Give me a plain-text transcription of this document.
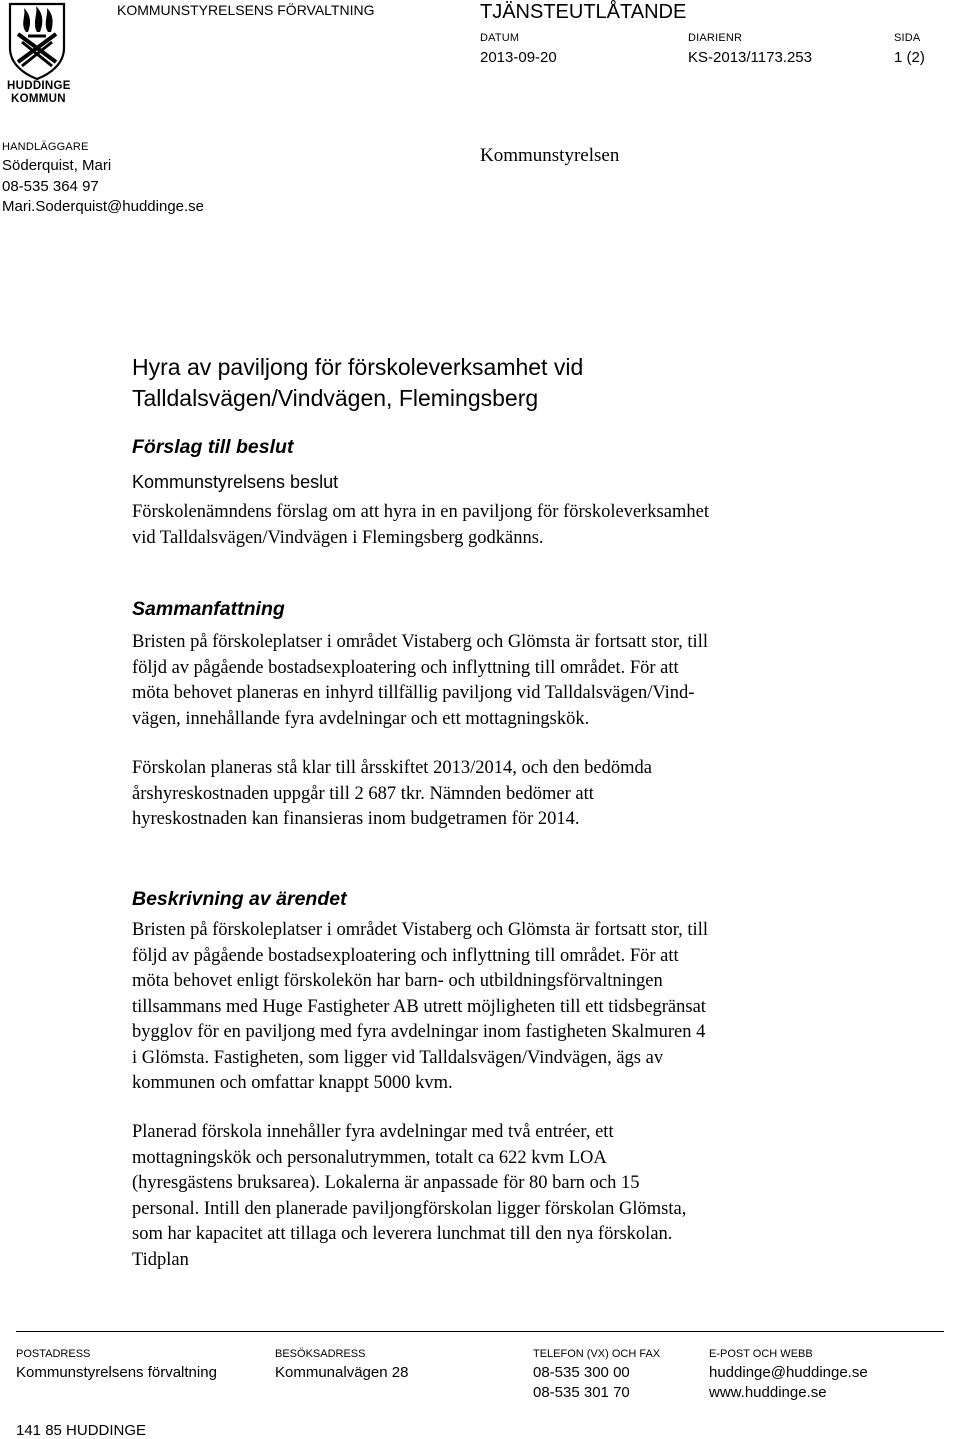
HUDDINGE
KOMMUN
KOMMUNSTYRELSENS FÖRVALTNING	TJÄNSTEUTLÅTANDE
DATUM
2013-09-20
DIARIENR
KS-2013/1173.253
SIDA
1 (2)
HANDLÄGGARE
Söderquist, Mari
08-535 364 97
Mari.Soderquist@huddinge.se
Kommunstyrelsen
Hyra av paviljong för förskoleverksamhet vid
Talldalsvägen/Vindvägen, Flemingsberg
Förslag till beslut
Kommunstyrelsens beslut
Förskolenämndens förslag om att hyra in en paviljong för förskoleverksamhet
vid Talldalsvägen/Vindvägen i Flemingsberg godkänns.
Sammanfattning
Bristen på förskoleplatser i området Vistaberg och Glömsta är fortsatt stor, till
följd av pågående bostadsexploatering och inflyttning till området. För att
möta behovet planeras en inhyrd tillfällig paviljong vid Talldalsvägen/Vind-
vägen, innehållande fyra avdelningar och ett mottagningskök.
Förskolan planeras stå klar till årsskiftet 2013/2014, och den bedömda
årshyreskostnaden uppgår till 2 687 tkr. Nämnden bedömer att
hyreskostnaden kan finansieras inom budgetramen för 2014.
Beskrivning av ärendet
Bristen på förskoleplatser i området Vistaberg och Glömsta är fortsatt stor, till
följd av pågående bostadsexploatering och inflyttning till området. För att
möta behovet enligt förskolekön har barn- och utbildningsförvaltningen
tillsammans med Huge Fastigheter AB utrett möjligheten till ett tidsbegränsat
bygglov för en paviljong med fyra avdelningar inom fastigheten Skalmuren 4
i Glömsta. Fastigheten, som ligger vid Talldalsvägen/Vindvägen, ägs av
kommunen och omfattar knappt 5000 kvm.
Planerad förskola innehåller fyra avdelningar med två entréer, ett
mottagningskök och personalutrymmen, totalt ca 622 kvm LOA
(hyresgästens bruksarea). Lokalerna är anpassade för 80 barn och 15
personal. Intill den planerade paviljongförskolan ligger förskolan Glömsta,
som har kapacitet att tillaga och leverera lunchmat till den nya förskolan.
Tidplan
POSTADRESS
Kommunstyrelsens förvaltning
141 85 HUDDINGE
BESÖKSADRESS
Kommunalvägen 28
TELEFON (VX) OCH FAX
08-535 300 00
08-535 301 70
E-POST OCH WEBB
huddinge@huddinge.se
www.huddinge.se
